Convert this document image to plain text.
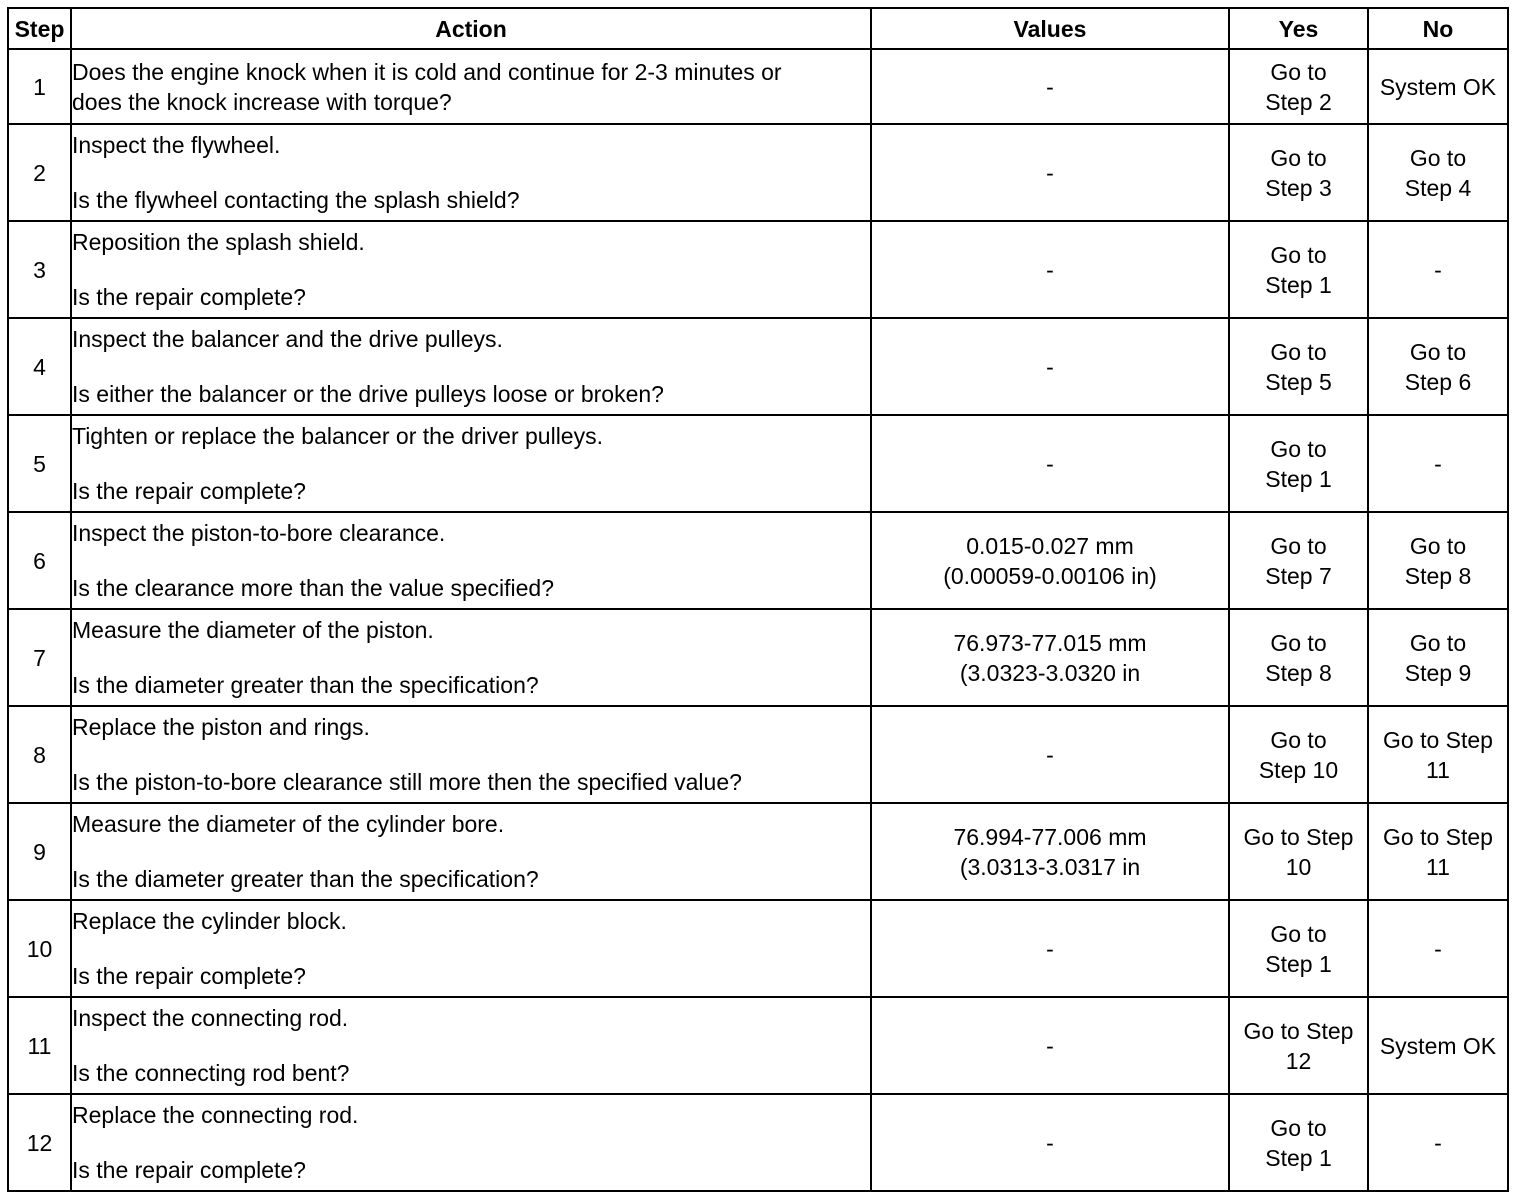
Step	Action	Values	Yes	No
1	Does the engine knock when it is cold and continue for 2-3 minutes or
does the knock increase with torque?	-	Go to
Step 2	System OK

2	Inspect the flywheel.
Is the flywheel contacting the splash shield?	-	Go to
Step 3	Go to
Step 4

3	Reposition the splash shield.
Is the repair complete?	-	Go to
Step 1	-

4	Inspect the balancer and the drive pulleys.
Is either the balancer or the drive pulleys loose or broken?	-	Go to
Step 5	Go to
Step 6

5	Tighten or replace the balancer or the driver pulleys.
Is the repair complete?	-	Go to
Step 1	-

6	Inspect the piston-to-bore clearance.
Is the clearance more than the value specified?	0.015-0.027 mm
(0.00059-0.00106 in)	Go to
Step 7	Go to
Step 8

7	Measure the diameter of the piston.
Is the diameter greater than the specification?	76.973-77.015 mm
(3.0323-3.0320 in	Go to
Step 8	Go to
Step 9

8	Replace the piston and rings.
Is the piston-to-bore clearance still more then the specified value?	-	Go to
Step 10	Go to Step
11

9	Measure the diameter of the cylinder bore.
Is the diameter greater than the specification?	76.994-77.006 mm
(3.0313-3.0317 in	Go to Step
10	Go to Step
11

10	Replace the cylinder block.
Is the repair complete?	-	Go to
Step 1	-

11	Inspect the connecting rod.
Is the connecting rod bent?	-	Go to Step
12	System OK

12	Replace the connecting rod.
Is the repair complete?	-	Go to
Step 1	-
